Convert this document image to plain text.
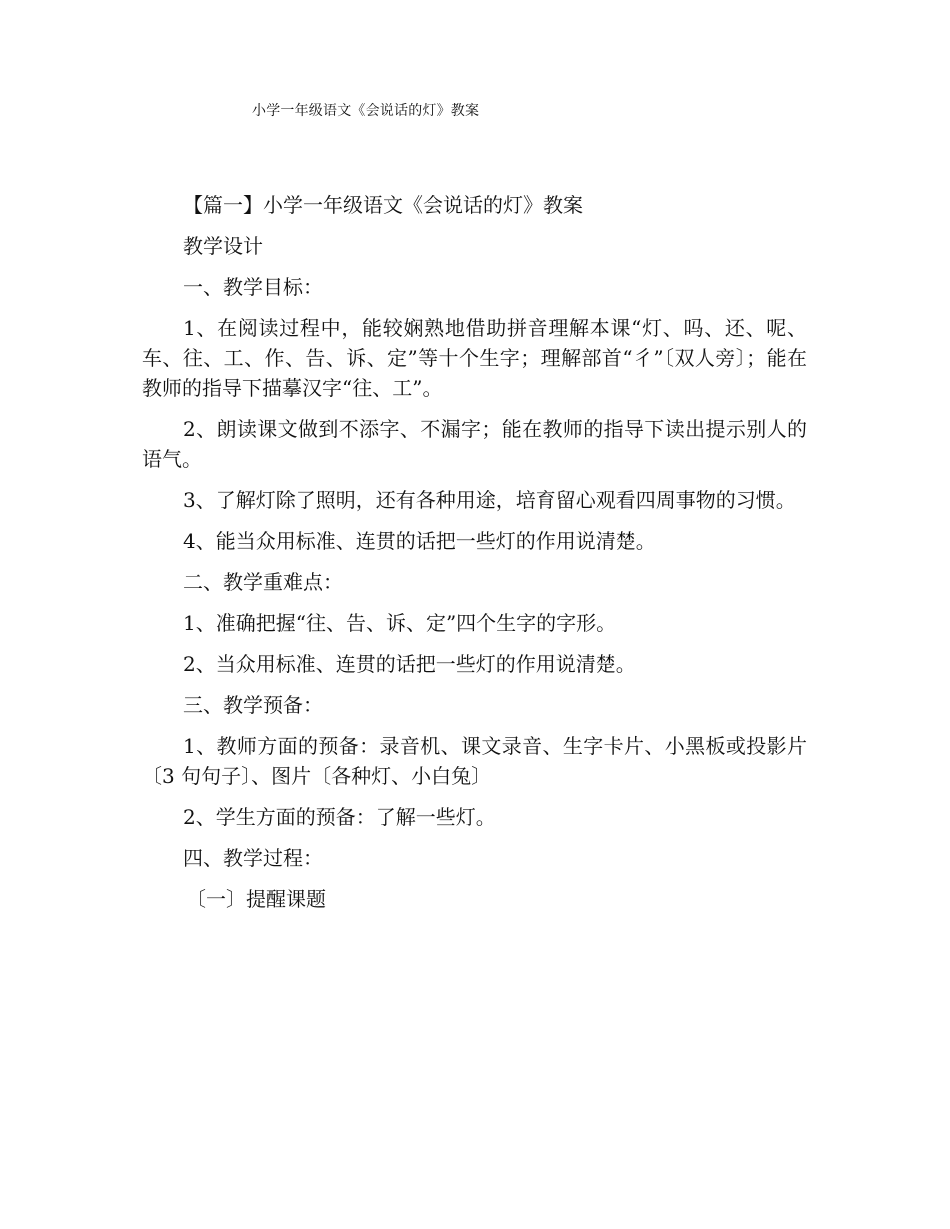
小学一年级语文《会说话的灯》教案

【篇一】小学一年级语文《会说话的灯》教案

教学设计

一、教学目标：

1、在阅读过程中，能较娴熟地借助拼音理解本课“灯、吗、还、呢、车、往、工、作、告、诉、定”等十个生字；理解部首“彳”〔双人旁〕；能在教师的指导下描摹汉字“往、工”。

2、朗读课文做到不添字、不漏字；能在教师的指导下读出提示别人的语气。

3、了解灯除了照明，还有各种用途，培育留心观看四周事物的习惯。

4、能当众用标准、连贯的话把一些灯的作用说清楚。

二、教学重难点：

1、准确把握“往、告、诉、定”四个生字的字形。

2、当众用标准、连贯的话把一些灯的作用说清楚。

三、教学预备：

1、教师方面的预备：录音机、课文录音、生字卡片、小黑板或投影片〔3 句句子〕、图片〔各种灯、小白兔〕

2、学生方面的预备：了解一些灯。

四、教学过程：

〔一〕提醒课题
